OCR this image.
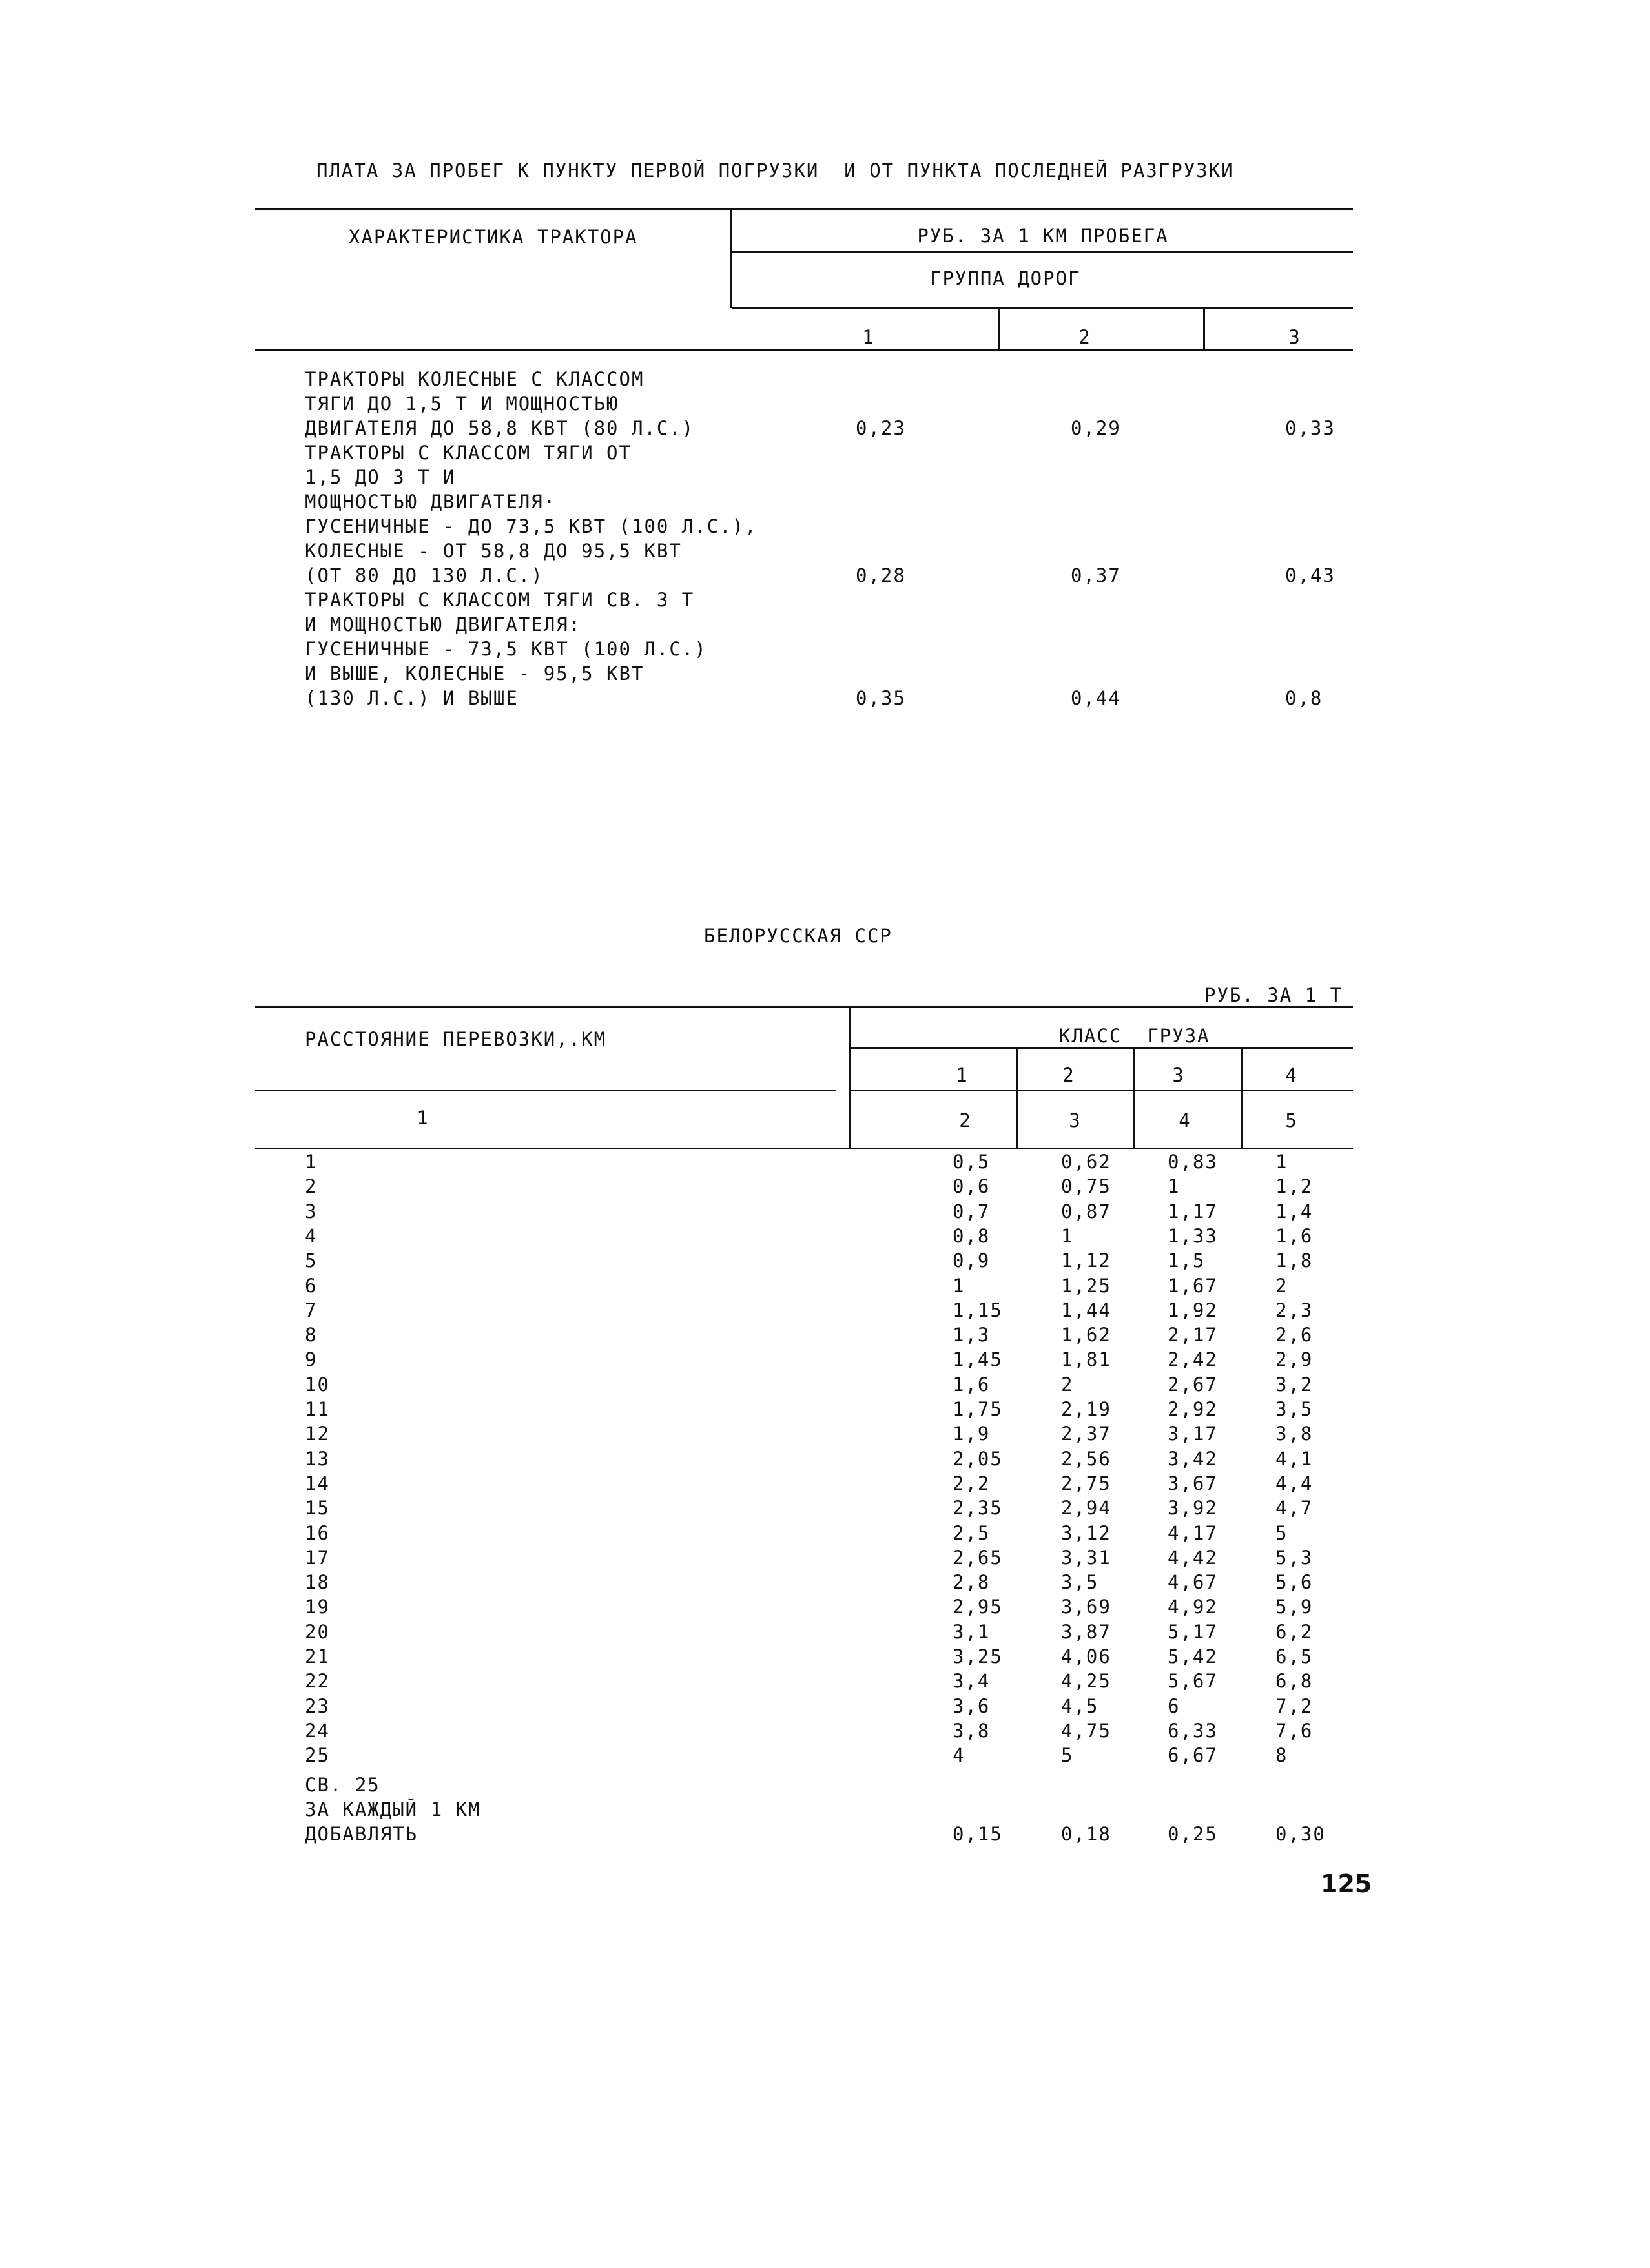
ПЛАТА ЗА ПРОБЕГ К ПУНКТУ ПЕРВОЙ ПОГРУЗКИ  И ОТ ПУНКТА ПОСЛЕДНЕЙ РАЗГРУЗКИ
ХАРАКТЕРИСТИКА ТРАКТОРА	РУБ. ЗА 1 КМ ПРОБЕГА
ГРУППА ДОРОГ
1	2	3
ТРАКТОРЫ КОЛЕСНЫЕ С КЛАССОМ
ТЯГИ ДО 1,5 Т И МОЩНОСТЬЮ
ДВИГАТЕЛЯ ДО 58,8 КВТ (80 Л.С.)	0,23	0,29	0,33
ТРАКТОРЫ С КЛАССОМ ТЯГИ ОТ
1,5 ДО 3 Т И
МОЩНОСТЬЮ ДВИГАТЕЛЯ·
ГУСЕНИЧНЫЕ - ДО 73,5 КВТ (100 Л.С.),
КОЛЕСНЫЕ - ОТ 58,8 ДО 95,5 КВТ
(ОТ 80 ДО 130 Л.С.)	0,28	0,37	0,43
ТРАКТОРЫ С КЛАССОМ ТЯГИ СВ. 3 Т
И МОЩНОСТЬЮ ДВИГАТЕЛЯ:
ГУСЕНИЧНЫЕ - 73,5 КВТ (100 Л.С.)
И ВЫШЕ, КОЛЕСНЫЕ - 95,5 КВТ
(130 Л.С.) И ВЫШЕ	0,35	0,44	0,8
БЕЛОРУССКАЯ ССР
РУБ. ЗА 1 Т
РАССТОЯНИЕ ПЕРЕВОЗКИ,.КМ	КЛАСС  ГРУЗА
1	2	3	4
1	2	3	4	5
1	0,5	0,62	0,83	1
2	0,6	0,75	1	1,2
3	0,7	0,87	1,17	1,4
4	0,8	1	1,33	1,6
5	0,9	1,12	1,5	1,8
6	1	1,25	1,67	2
7	1,15	1,44	1,92	2,3
8	1,3	1,62	2,17	2,6
9	1,45	1,81	2,42	2,9
10	1,6	2	2,67	3,2
11	1,75	2,19	2,92	3,5
12	1,9	2,37	3,17	3,8
13	2,05	2,56	3,42	4,1
14	2,2	2,75	3,67	4,4
15	2,35	2,94	3,92	4,7
16	2,5	3,12	4,17	5
17	2,65	3,31	4,42	5,3
18	2,8	3,5	4,67	5,6
19	2,95	3,69	4,92	5,9
20	3,1	3,87	5,17	6,2
21	3,25	4,06	5,42	6,5
22	3,4	4,25	5,67	6,8
23	3,6	4,5	6	7,2
24	3,8	4,75	6,33	7,6
25	4	5	6,67	8
СВ. 25
ЗА КАЖДЫЙ 1 КМ
ДОБАВЛЯТЬ	0,15	0,18	0,25	0,30
125
